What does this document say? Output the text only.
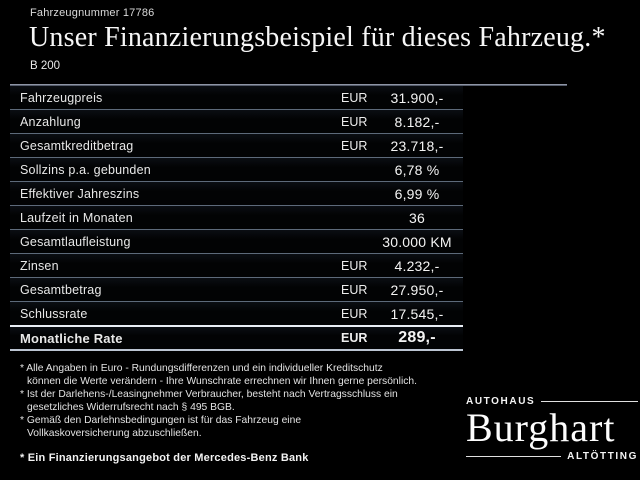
Fahrzeugnummer 17786
Unser Finanzierungsbeispiel für dieses Fahrzeug.*
B 200
Fahrzeugpreis	EUR	31.900,-
Anzahlung	EUR	8.182,-
Gesamtkreditbetrag	EUR	23.718,-
Sollzins p.a. gebunden	6,78 %
Effektiver Jahreszins	6,99 %
Laufzeit in Monaten	36
Gesamtlaufleistung	30.000 KM
Zinsen	EUR	4.232,-
Gesamtbetrag	EUR	27.950,-
Schlussrate	EUR	17.545,-
Monatliche Rate	EUR	289,-
* Alle Angaben in Euro - Rundungsdifferenzen und ein individueller Kreditschutz
können die Werte verändern - Ihre Wunschrate errechnen wir Ihnen gerne persönlich.
* Ist der Darlehens-/Leasingnehmer Verbraucher, besteht nach Vertragsschluss ein
gesetzliches Widerrufsrecht nach § 495 BGB.
* Gemäß den Darlehnsbedingungen ist für das Fahrzeug eine
Vollkaskoversicherung abzuschließen.
* Ein Finanzierungsangebot der Mercedes-Benz Bank
AUTOHAUS
Burghart
ALTÖTTING
